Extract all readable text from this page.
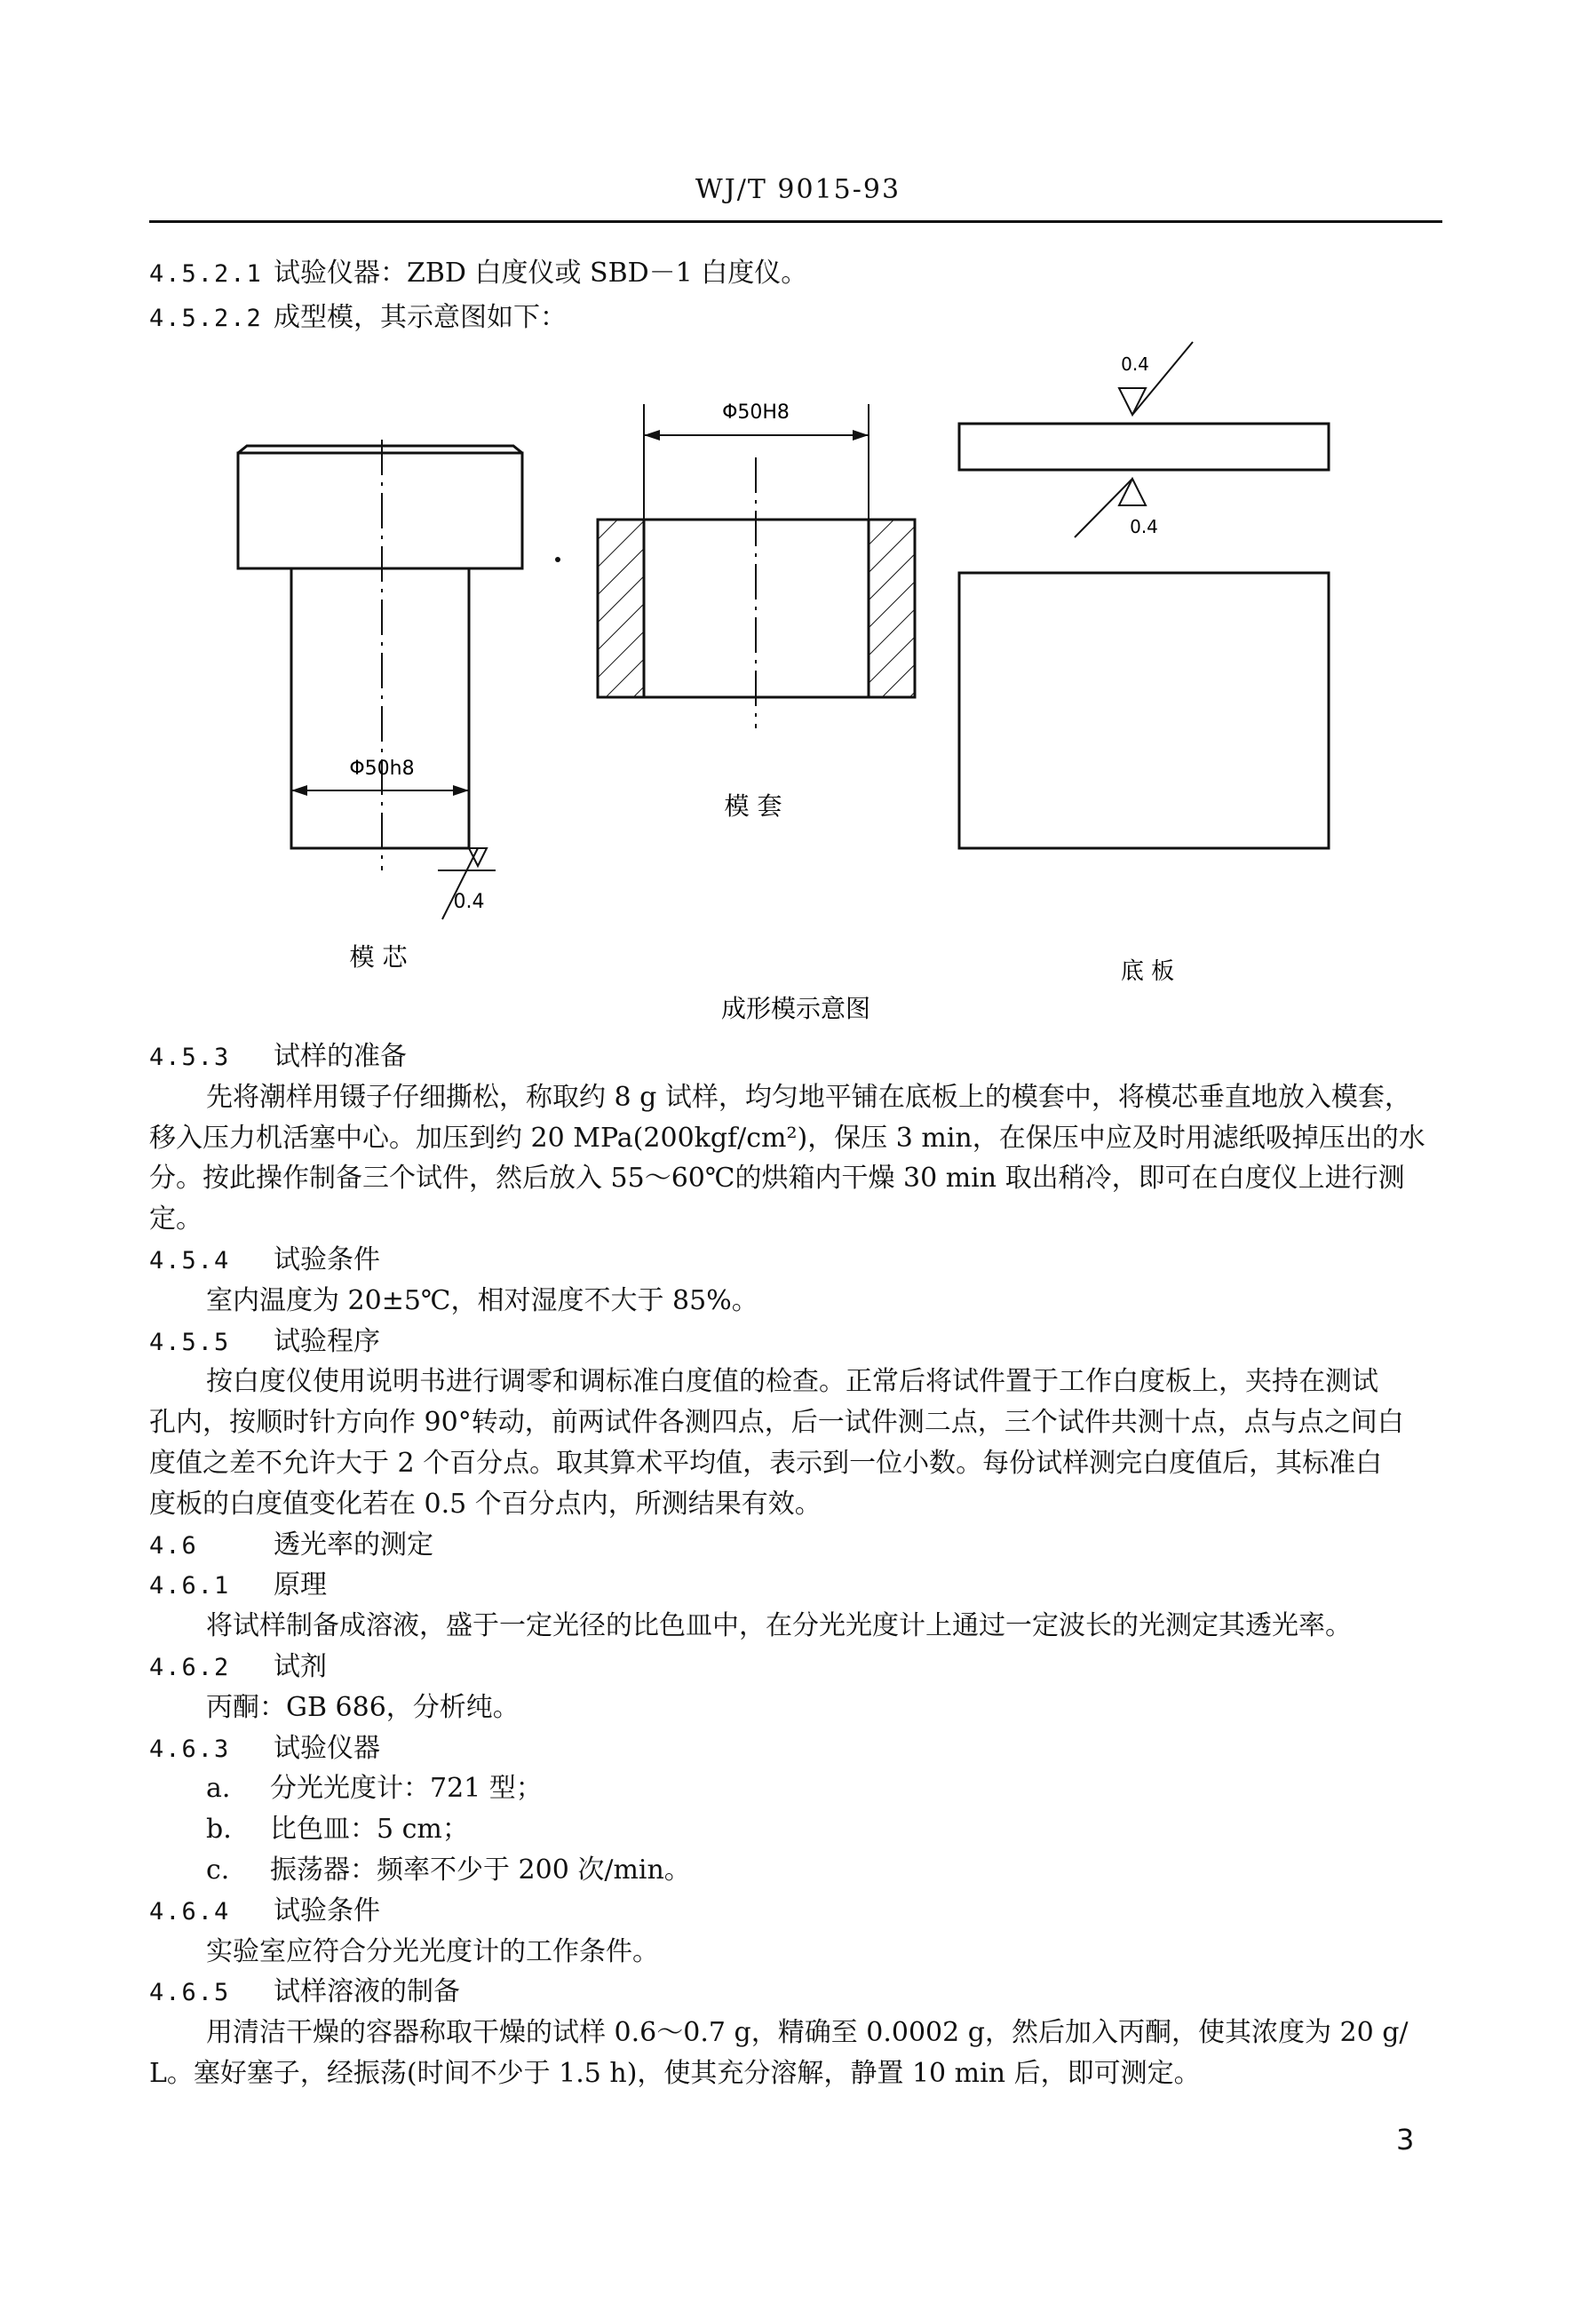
WJ/T 9015-93
4.5.2.1 试验仪器：ZBD 白度仪或 SBD－1 白度仪。
4.5.2.2 成型模，其示意图如下：
Φ50h8
0.4
模 芯
Φ50H8
模 套
0.4
0.4
底 板
成形模示意图
4.5.3 试样的准备
先将潮样用镊子仔细撕松，称取约 8 g 试样，均匀地平铺在底板上的模套中，将模芯垂直地放入模套，
移入压力机活塞中心。加压到约 20 MPa(200kgf/cm²)，保压 3 min，在保压中应及时用滤纸吸掉压出的水
分。按此操作制备三个试件，然后放入 55～60℃的烘箱内干燥 30 min 取出稍冷，即可在白度仪上进行测
定。
4.5.4 试验条件
室内温度为 20±5℃，相对湿度不大于 85%。
4.5.5 试验程序
按白度仪使用说明书进行调零和调标准白度值的检查。正常后将试件置于工作白度板上，夹持在测试
孔内，按顺时针方向作 90°转动，前两试件各测四点，后一试件测二点，三个试件共测十点，点与点之间白
度值之差不允许大于 2 个百分点。取其算术平均值，表示到一位小数。每份试样测完白度值后，其标准白
度板的白度值变化若在 0.5 个百分点内，所测结果有效。
4.6	透光率的测定
4.6.1 原理
将试样制备成溶液，盛于一定光径的比色皿中，在分光光度计上通过一定波长的光测定其透光率。
4.6.2 试剂
丙酮：GB 686，分析纯。
4.6.3 试验仪器
a. 分光光度计：721 型；
b. 比色皿：5 cm；
c. 振荡器：频率不少于 200 次/min。
4.6.4 试验条件
实验室应符合分光光度计的工作条件。
4.6.5 试样溶液的制备
用清洁干燥的容器称取干燥的试样 0.6～0.7 g，精确至 0.0002 g，然后加入丙酮，使其浓度为 20 g/
L。塞好塞子，经振荡(时间不少于 1.5 h)，使其充分溶解，静置 10 min 后，即可测定。
3
